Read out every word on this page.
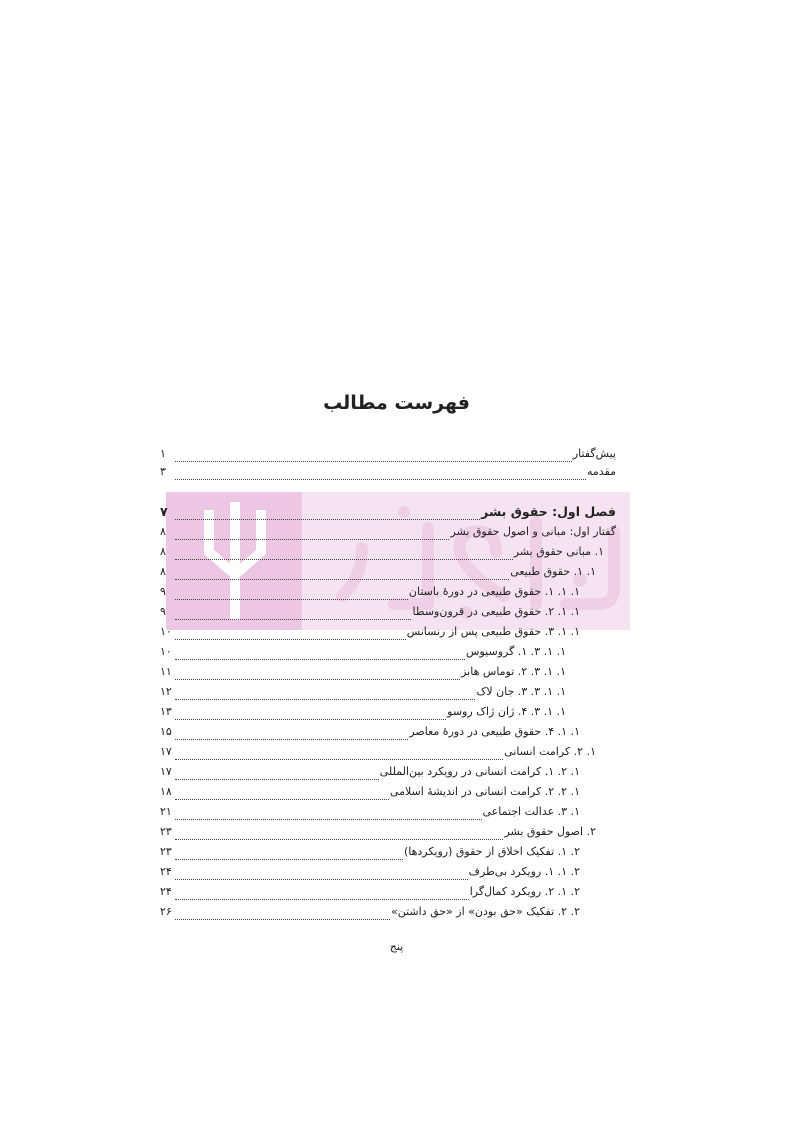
فهرست مطالب
پیش‌گفتار
۱
مقدمه
۳
فصل اول: حقوق بشر
۷
گفتار اول: مبانی و اصول حقوق بشر
۸
۱. مبانی حقوق بشر
۸
۱. ۱. حقوق طبیعی
۸
۱. ۱. ۱. حقوق طبیعی در دورهٔ باستان
۹
۱. ۱. ۲. حقوق طبیعی در قرون‌وسطا
۹
۱. ۱. ۳. حقوق طبیعی پس از رنسانس
۱۰
۱. ۱. ۳. ۱. گروسیوس
۱۰
۱. ۱. ۳. ۲. توماس هابز
۱۱
۱. ۱. ۳. ۳. جان لاک
۱۲
۱. ۱. ۳. ۴. ژان ژاک روسو
۱۳
۱. ۱. ۴. حقوق طبیعی در دورهٔ معاصر
۱۵
۱. ۲. کرامت انسانی
۱۷
۱. ۲. ۱. کرامت انسانی در رویکرد بین‌المللی
۱۷
۱. ۲. ۲. کرامت انسانی در اندیشهٔ اسلامی
۱۸
۱. ۳. عدالت اجتماعی
۲۱
۲. اصول حقوق بشر
۲۳
۲. ۱. تفکیک اخلاق از حقوق (رویکردها)
۲۳
۲. ۱. ۱. رویکرد بی‌طرف
۲۴
۲. ۱. ۲. رویکرد کمال‌گرا
۲۴
۲. ۲. تفکیک «حق بودن» از «حق داشتن»
۲۶
پنج
